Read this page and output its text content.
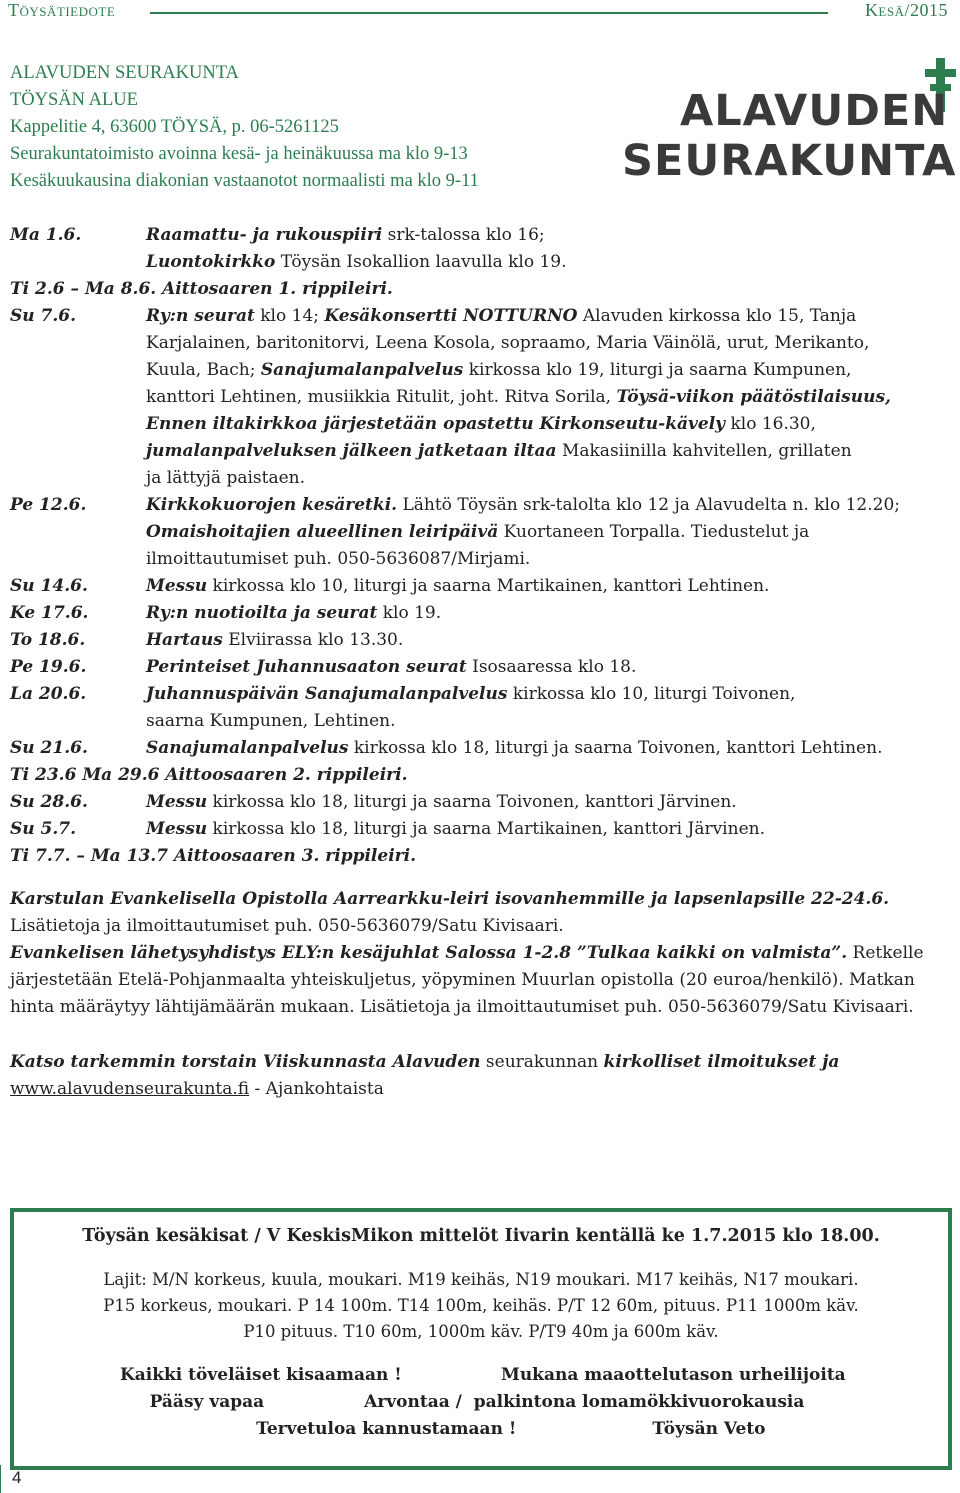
Töysätiedote	Kesä/2015
ALAVUDEN SEURAKUNTA
TÖYSÄN ALUE
Kappelitie 4, 63600 TÖYSÄ, p. 06-5261125
Seurakuntatoimisto avoinna kesä- ja heinäkuussa ma klo 9-13
Kesäkuukausina diakonian vastaanotot normaalisti ma klo 9-11
ALAVUDEN
SEURAKUNTA
Ma 1.6.	Raamattu- ja rukouspiiri srk-talossa klo 16;
Luontokirkko Töysän Isokallion laavulla klo 19.
Ti 2.6 – Ma 8.6. Aittosaaren 1. rippileiri.
Su 7.6.	Ry:n seurat klo 14; Kesäkonsertti NOTTURNO Alavuden kirkossa klo 15, Tanja
Karjalainen, baritonitorvi, Leena Kosola, sopraamo, Maria Väinölä, urut, Merikanto,
Kuula, Bach; Sanajumalanpalvelus kirkossa klo 19, liturgi ja saarna Kumpunen,
kanttori Lehtinen, musiikkia Ritulit, joht. Ritva Sorila, Töysä-viikon päätöstilaisuus,
Ennen iltakirkkoa järjestetään opastettu Kirkonseutu-kävely klo 16.30,
jumalanpalveluksen jälkeen jatketaan iltaa Makasiinilla kahvitellen, grillaten
ja lättyjä paistaen.
Pe 12.6.	Kirkkokuorojen kesäretki. Lähtö Töysän srk-talolta klo 12 ja Alavudelta n. klo 12.20;
Omaishoitajien alueellinen leiripäivä Kuortaneen Torpalla. Tiedustelut ja
ilmoittautumiset puh. 050-5636087/Mirjami.
Su 14.6.	Messu kirkossa klo 10, liturgi ja saarna Martikainen, kanttori Lehtinen.
Ke 17.6.	Ry:n nuotioilta ja seurat klo 19.
To 18.6.	Hartaus Elviirassa klo 13.30.
Pe 19.6.	Perinteiset Juhannusaaton seurat Isosaaressa klo 18.
La 20.6.	Juhannuspäivän Sanajumalanpalvelus kirkossa klo 10, liturgi Toivonen,
saarna Kumpunen, Lehtinen.
Su 21.6.	Sanajumalanpalvelus kirkossa klo 18, liturgi ja saarna Toivonen, kanttori Lehtinen.
Ti 23.6 Ma 29.6 Aittoosaaren 2. rippileiri.
Su 28.6.	Messu kirkossa klo 18, liturgi ja saarna Toivonen, kanttori Järvinen.
Su 5.7.	Messu kirkossa klo 18, liturgi ja saarna Martikainen, kanttori Järvinen.
Ti 7.7. – Ma 13.7 Aittoosaaren 3. rippileiri.

Karstulan Evankelisella Opistolla Aarrearkku-leiri isovanhemmille ja lapsenlapsille 22-24.6. Lisätietoja ja ilmoittautumiset puh. 050-5636079/Satu Kivisaari.

Evankelisen lähetysyhdistys ELY:n kesäjuhlat Salossa 1-2.8 ”Tulkaa kaikki on valmista”. Retkelle järjestetään Etelä-Pohjanmaalta yhteiskuljetus, yöpyminen Muurlan opistolla (20 euroa/henkilö). Matkan hinta määräytyy lähtijämäärän mukaan. Lisätietoja ja ilmoittautumiset puh. 050-5636079/Satu Kivisaari.

Katso tarkemmin torstain Viiskunnasta Alavuden seurakunnan kirkolliset ilmoitukset ja
www.alavudenseurakunta.fi - Ajankohtaista

Töysän kesäkisat / V KeskisMikon mittelöt Iivarin kentällä ke 1.7.2015 klo 18.00.
Lajit: M/N korkeus, kuula, moukari. M19 keihäs, N19 moukari. M17 keihäs, N17 moukari.
P15 korkeus, moukari. P 14 100m. T14 100m, keihäs. P/T 12 60m, pituus. P11 1000m käv.
P10 pituus. T10 60m, 1000m käv. P/T9 40m ja 600m käv.
Kaikki töveläiset kisaamaan !
Pääsy vapaa	Arvontaa /  palkintona lomamökkivuorokausia
Tervetuloa kannustamaan !
Mukana maaottelutason urheilijoita
Töysän Veto
4
